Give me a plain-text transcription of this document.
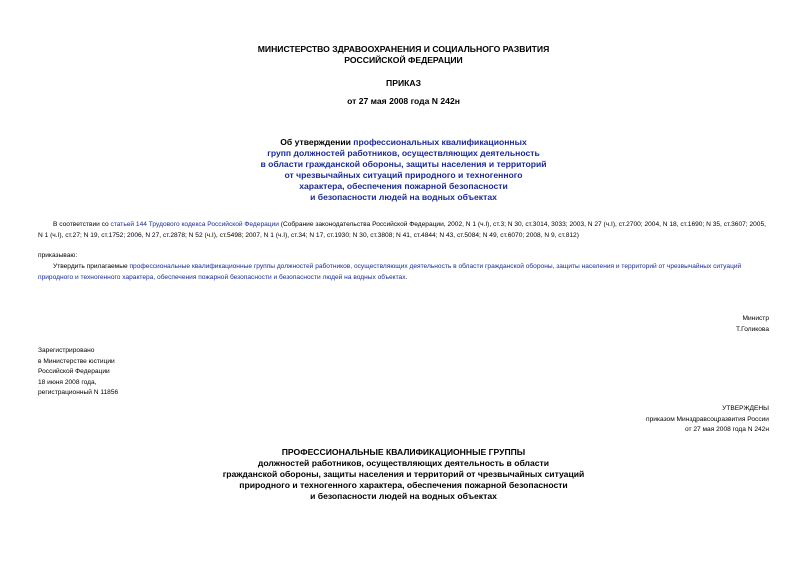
МИНИСТЕРСТВО ЗДРАВООХРАНЕНИЯ И СОЦИАЛЬНОГО РАЗВИТИЯ
РОССИЙСКОЙ ФЕДЕРАЦИИ
ПРИКАЗ
от 27 мая 2008 года N 242н
Об утверждении профессиональных квалификационных
групп должностей работников, осуществляющих деятельность
в области гражданской обороны, защиты населения и территорий
от чрезвычайных ситуаций природного и техногенного
характера, обеспечения пожарной безопасности
и безопасности людей на водных объектах
В соответствии со статьей 144 Трудового кодекса Российской Федерации (Собрание законодательства Российской Федерации, 2002, N 1 (ч.I), ст.3; N 30, ст.3014, 3033; 2003, N 27 (ч.I), ст.2700; 2004, N 18, ст.1690; N 35, ст.3607; 2005, N 1 (ч.I), ст.27; N 19, ст.1752; 2006, N 27, ст.2878; N 52 (ч.I), ст.5498; 2007, N 1 (ч.I), ст.34; N 17, ст.1930; N 30, ст.3808; N 41, ст.4844; N 43, ст.5084; N 49, ст.6070; 2008, N 9, ст.812)
приказываю:
Утвердить прилагаемые профессиональные квалификационные группы должностей работников, осуществляющих деятельность в области гражданской обороны, защиты населения и территорий от чрезвычайных ситуаций природного и техногенного характера, обеспечения пожарной безопасности и безопасности людей на водных объектах.
Министр
Т.Голикова
Зарегистрировано
в Министерстве юстиции
Российской Федерации
18 июня 2008 года,
регистрационный N 11856
УТВЕРЖДЕНЫ
приказом Минздравсоцразвития России
от 27 мая 2008 года N 242н
ПРОФЕССИОНАЛЬНЫЕ КВАЛИФИКАЦИОННЫЕ ГРУППЫ
должностей работников, осуществляющих деятельность в области
гражданской обороны, защиты населения и территорий от чрезвычайных ситуаций
природного и техногенного характера, обеспечения пожарной безопасности
и безопасности людей на водных объектах
